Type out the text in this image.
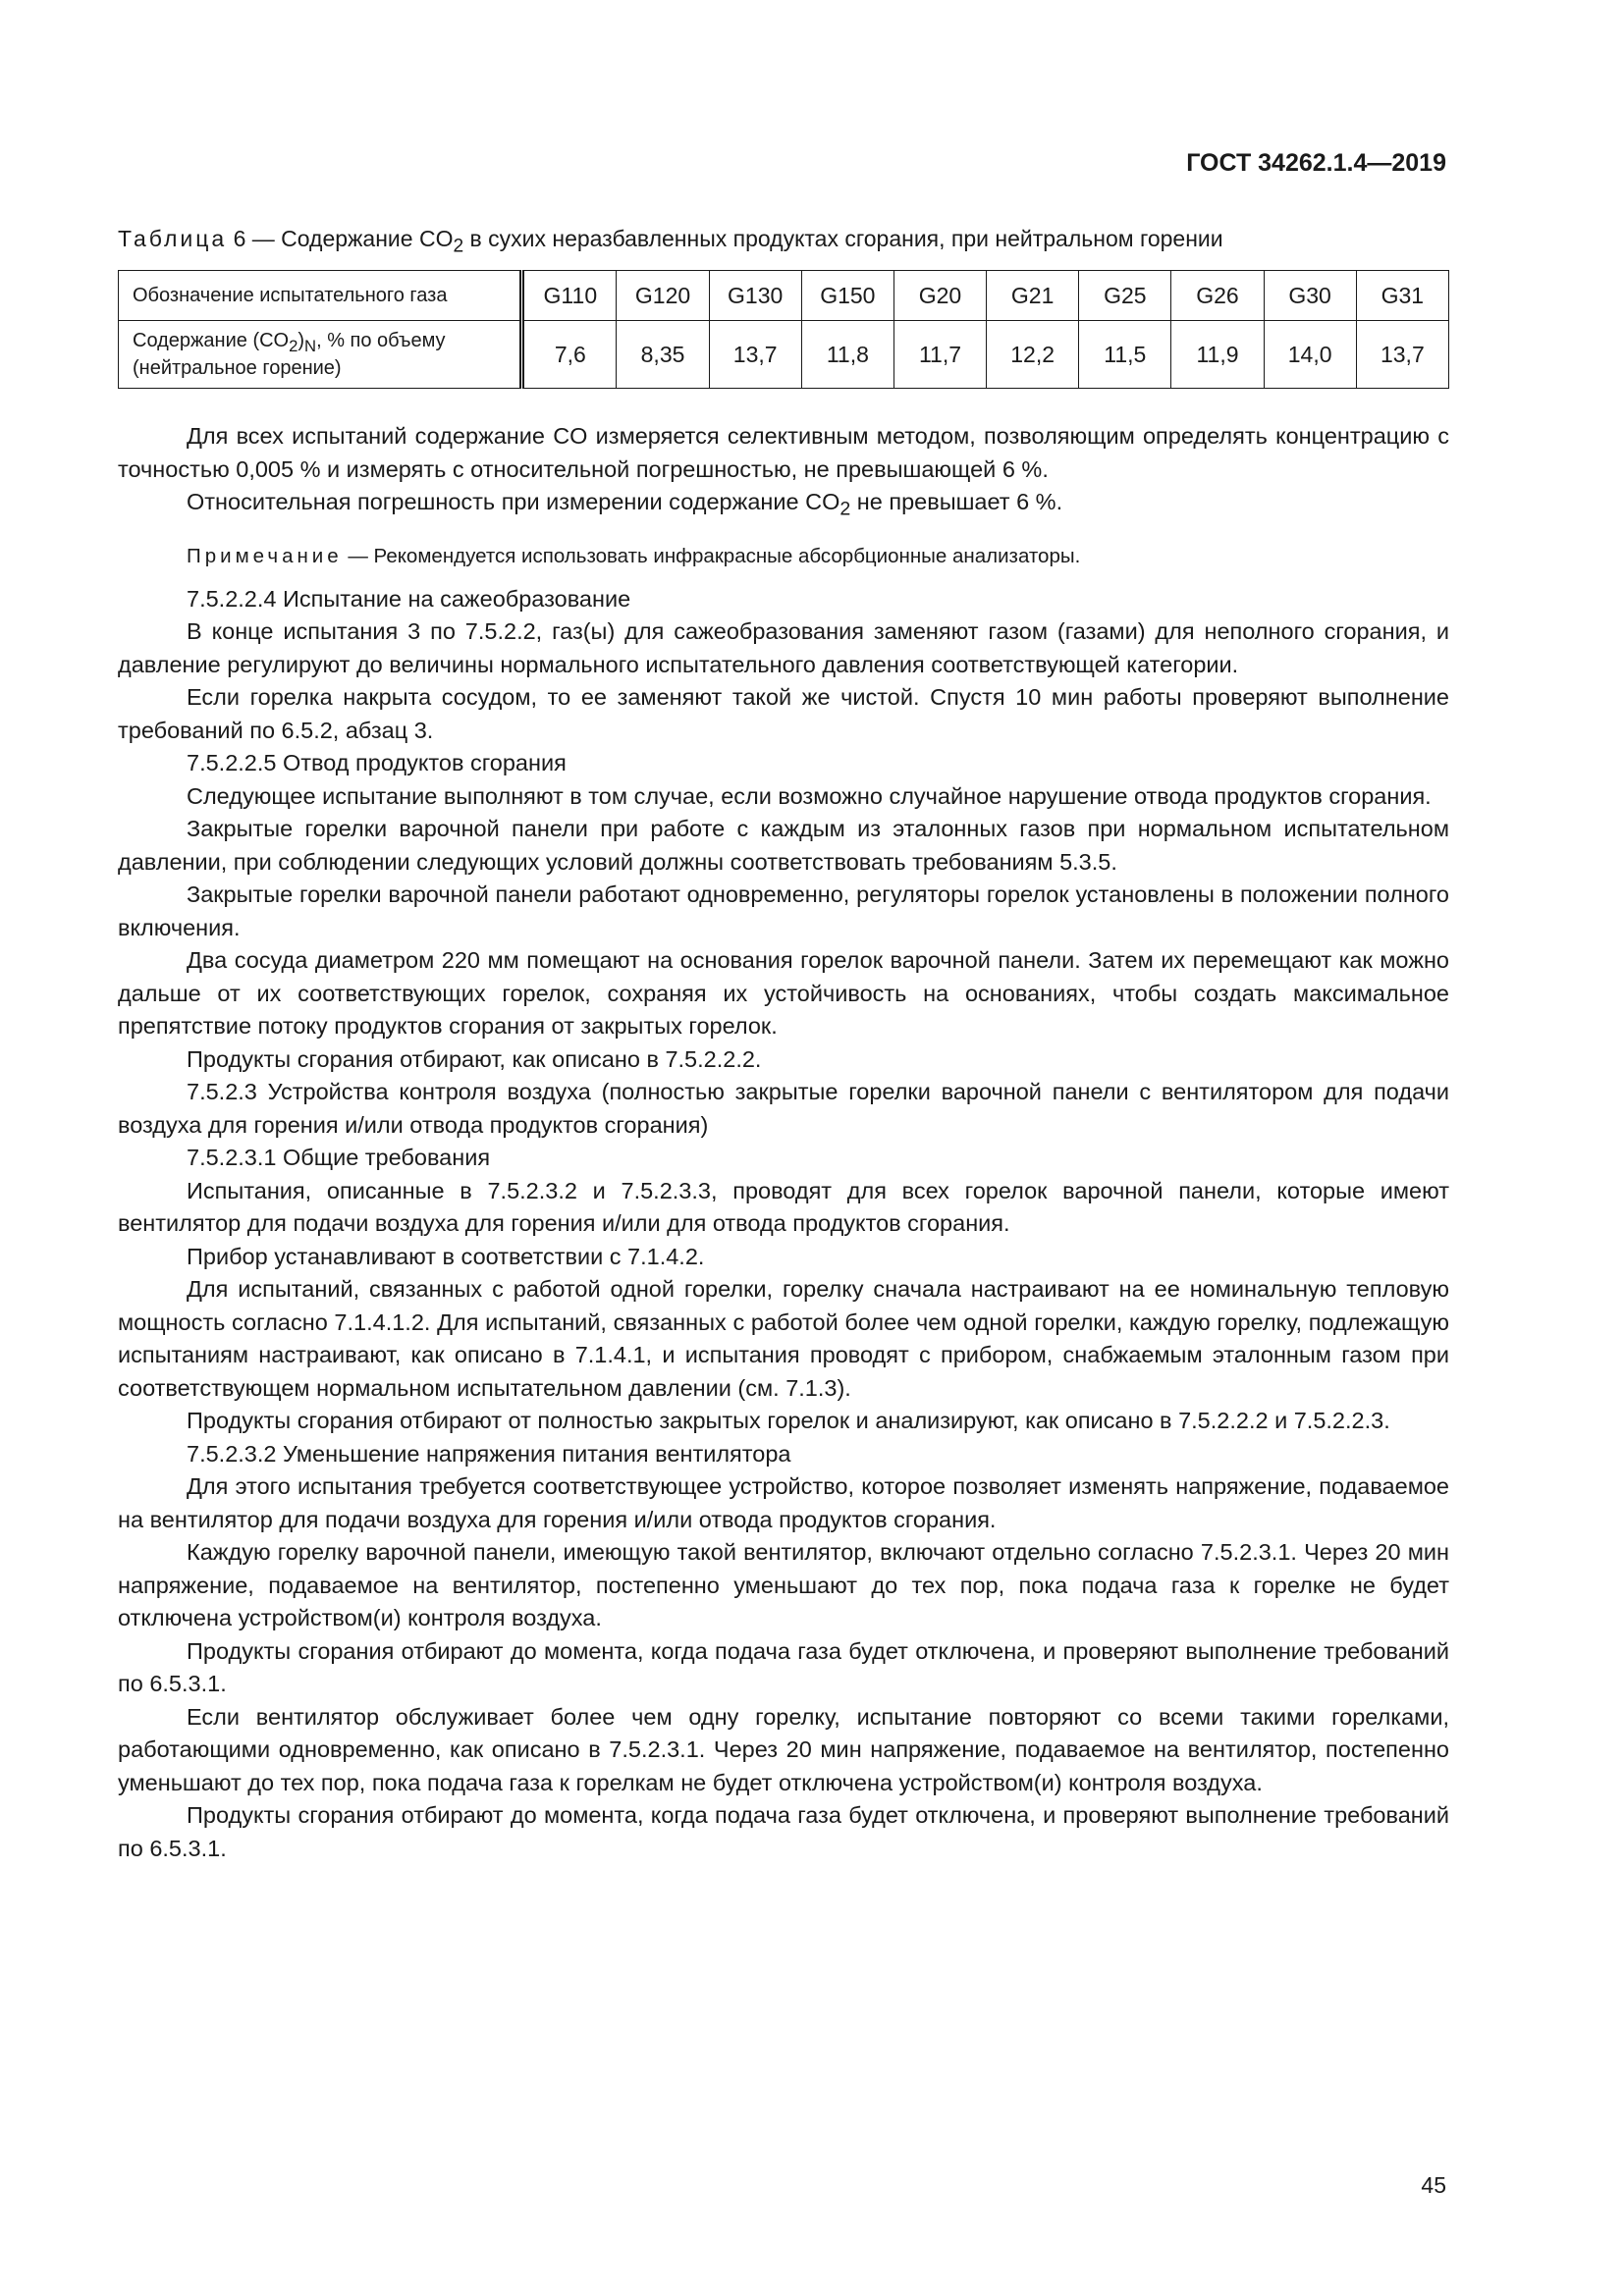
ГОСТ 34262.1.4—2019
Таблица 6 — Содержание $CO_2$ в сухих неразбавленных продуктах сгорания, при нейтральном горении
Обозначение испытательного газа	G110	G120	G130	G150	G20	G21	G25	G26	G30	G31
Содержание $(CO_2)_N$, % по объему
(нейтральное горение)	7,6	8,35	13,7	11,8	11,7	12,2	11,5	11,9	14,0	13,7

Для всех испытаний содержание CO измеряется селективным методом, позволяющим определять концентрацию с точностью 0,005 % и измерять с относительной погрешностью, не превышающей 6 %.

Относительная погрешность при измерении содержание $CO_2$ не превышает 6 %.

Примечание — Рекомендуется использовать инфракрасные абсорбционные анализаторы.

7.5.2.2.4 Испытание на сажеобразование

В конце испытания 3 по 7.5.2.2, газ(ы) для сажеобразования заменяют газом (газами) для неполного сгорания, и давление регулируют до величины нормального испытательного давления соответствующей категории.

Если горелка накрыта сосудом, то ее заменяют такой же чистой. Спустя 10 мин работы проверяют выполнение требований по 6.5.2, абзац 3.

7.5.2.2.5 Отвод продуктов сгорания

Следующее испытание выполняют в том случае, если возможно случайное нарушение отвода продуктов сгорания.

Закрытые горелки варочной панели при работе с каждым из эталонных газов при нормальном испытательном давлении, при соблюдении следующих условий должны соответствовать требованиям 5.3.5.

Закрытые горелки варочной панели работают одновременно, регуляторы горелок установлены в положении полного включения.

Два сосуда диаметром 220 мм помещают на основания горелок варочной панели. Затем их перемещают как можно дальше от их соответствующих горелок, сохраняя их устойчивость на основаниях, чтобы создать максимальное препятствие потоку продуктов сгорания от закрытых горелок.

Продукты сгорания отбирают, как описано в 7.5.2.2.2.

7.5.2.3 Устройства контроля воздуха (полностью закрытые горелки варочной панели с вентилятором для подачи воздуха для горения и/или отвода продуктов сгорания)

7.5.2.3.1 Общие требования

Испытания, описанные в 7.5.2.3.2 и 7.5.2.3.3, проводят для всех горелок варочной панели, которые имеют вентилятор для подачи воздуха для горения и/или для отвода продуктов сгорания.

Прибор устанавливают в соответствии с 7.1.4.2.

Для испытаний, связанных с работой одной горелки, горелку сначала настраивают на ее номинальную тепловую мощность согласно 7.1.4.1.2. Для испытаний, связанных с работой более чем одной горелки, каждую горелку, подлежащую испытаниям настраивают, как описано в 7.1.4.1, и испытания проводят с прибором, снабжаемым эталонным газом при соответствующем нормальном испытательном давлении (см. 7.1.3).

Продукты сгорания отбирают от полностью закрытых горелок и анализируют, как описано в 7.5.2.2.2 и 7.5.2.2.3.

7.5.2.3.2 Уменьшение напряжения питания вентилятора

Для этого испытания требуется соответствующее устройство, которое позволяет изменять напряжение, подаваемое на вентилятор для подачи воздуха для горения и/или отвода продуктов сгорания.

Каждую горелку варочной панели, имеющую такой вентилятор, включают отдельно согласно 7.5.2.3.1. Через 20 мин напряжение, подаваемое на вентилятор, постепенно уменьшают до тех пор, пока подача газа к горелке не будет отключена устройством(и) контроля воздуха.

Продукты сгорания отбирают до момента, когда подача газа будет отключена, и проверяют выполнение требований по 6.5.3.1.

Если вентилятор обслуживает более чем одну горелку, испытание повторяют со всеми такими горелками, работающими одновременно, как описано в 7.5.2.3.1. Через 20 мин напряжение, подаваемое на вентилятор, постепенно уменьшают до тех пор, пока подача газа к горелкам не будет отключена устройством(и) контроля воздуха.

Продукты сгорания отбирают до момента, когда подача газа будет отключена, и проверяют выполнение требований по 6.5.3.1.

45
